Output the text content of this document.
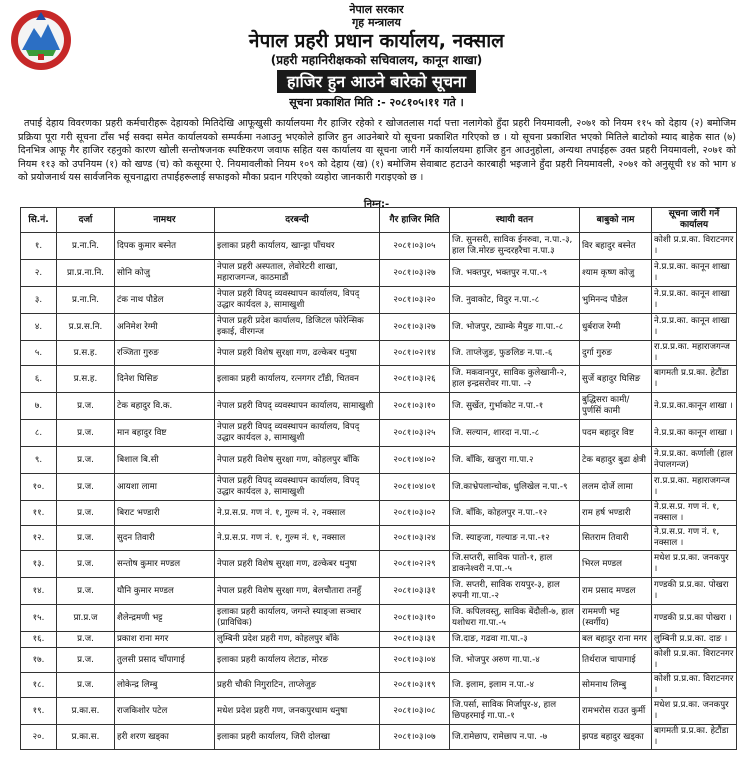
नेपाल सरकार
गृह मन्त्रालय
नेपाल प्रहरी प्रधान कार्यालय, नक्साल
(प्रहरी महानिरीक्षकको सचिवालय, कानून शाखा)
हाजिर हुन आउने बारेको सूचना
सूचना प्रकाशित मिति :- २०८१०५।११ गते ।
तपाई देहाय विवरणका प्रहरी कर्मचारीहरू देहायको मितिदेखि आफूखुसी कार्यालयमा गैर हाजिर रहेको र खोजतलास गर्दा पत्ता नलागेको हुँदा प्रहरी नियमावली, २०७१ को नियम ११५ को देहाय (२) बमोजिम प्रक्रिया पूरा गरी सूचना टाँस भई सक्दा समेत कार्यालयको सम्पर्कमा नआउनु भएकोले हाजिर हुन आउनेबारे यो सूचना प्रकाशित गरिएको छ । यो सूचना प्रकाशित भएको मितिले बाटोको म्याद बाहेक सात (७) दिनभित्र आफू गैर हाजिर रहनुको कारण खोली सन्तोषजनक स्पष्टिकरण जवाफ सहित यस कार्यालय वा सूचना जारी गर्ने कार्यालयमा हाजिर हुन आउनुहोला, अन्यथा तपाईहरू उक्त प्रहरी नियमावली, २०७१ को नियम ११३ को उपनियम (१) को खण्ड (च) को कसूरमा ऐ. नियमावलीको नियम १०९ को देहाय (ख) (१) बमोजिम सेवाबाट हटाउने कारबाही भइजाने हुँदा प्रहरी नियमावली, २०७१ को अनुसूची १४ को भाग ४ को प्रयोजनार्थ यस सार्वजनिक सूचनाद्वारा तपाईहरूलाई सफाइको मौका प्रदान गरिएको व्यहोरा जानकारी गराइएको छ ।
निम्न:-
सि.नं.	दर्जा	नामथर	दरबन्दी	गैर हाजिर मिति	स्थायी वतन	बाबुको नाम	सूचना जारी गर्ने कार्यालय
१.	प्र.ना.नि.	दिपक कुमार बस्नेत	इलाका प्रहरी कार्यालय, खान्ड्रा पाँचथर	२०८१।०३।०५	जि. सुनसरी, साविक ईनरुवा, न.पा.-३, हाल जि.मोरङ सुन्दरहरैचा न.पा.३	विर बहादुर बस्नेत	कोशी प्र.प्र.का. विराटनगर ।
२.	प्रा.प्र.ना.नि.	सोनि कोजु	नेपाल प्रहरी अस्पताल, लेवोरेटरी शाखा, महाराजगन्ज, काठमाडौं	२०८१।०३।२७	जि. भक्तपुर, भक्तपुर न.पा.-९	श्याम कृष्ण कोजु	ने.प्र.प्र.का. कानून शाखा ।
३.	प्र.ना.नि.	टंक नाथ पौडेल	नेपाल प्रहरी विपद् व्यवस्थापन कार्यालय, विपद् उद्धार कार्यदल ३, सामाखुशी	२०८१।०३।२०	जि. नुवाकोट, विदुर न.पा.-८	भुमिनन्द पौडेल	ने.प्र.प्र.का. कानून शाखा ।
४.	प्र.प्र.स.नि.	अनिमेश रेग्मी	नेपाल प्रहरी प्रदेश कार्यालय, डिजिटल फोरेन्सिक इकाई, वीरगन्ज	२०८१।०३।२७	जि. भोजपुर, ट्याम्के मैयुङ गा.पा.-८	धुर्बराज रेग्मी	ने.प्र.प्र.का. कानून शाखा ।
५.	प्र.स.ह.	रञ्जिता गुरुङ	नेपाल प्रहरी विशेष सुरक्षा गण, ढल्केबर धनुषा	२०८१।०२।१४	जि. ताप्लेजुङ, फुङलिङ न.पा.-६	दुर्गा गुरुङ	रा.प्र.प्र.का. महाराजगन्ज ।
६.	प्र.स.ह.	दिनेश घिसिङ	इलाका प्रहरी कार्यालय, रत्नगगर टाँडी, चितवन	२०८१।०३।२६	जि. मकवानपुर, साविक कुलेखानी-२, हाल इन्द्रसरोवर गा.पा. -२	सुर्जे बहादुर घिसिङ	बागमती प्र.प्र.का. हेटौंडा ।
७.	प्र.ज.	टेक बहादुर वि.क.	नेपाल प्रहरी विपद् व्यवस्थापन कार्यालय, सामाखुशी	२०८१।०३।१०	जि. सुर्खेत, गुर्भाकोट न.पा.-१	बुद्धिसरा कामी/ पुर्णसिं कामी	ने.प्र.प्र.का.कानून शाखा ।
८.	प्र.ज.	मान बहादुर विष्ट	नेपाल प्रहरी विपद् व्यवस्थापन कार्यालय, विपद् उद्धार कार्यदल ३, सामाखुशी	२०८१।०३।२५	जि. सल्यान, शारदा न.पा.-८	पदम बहादुर विष्ट	ने.प्र.प्र.का कानून शाखा ।
९.	प्र.ज.	बिशाल बि.सी	नेपाल प्रहरी विशेष सुरक्षा गण, कोहलपुर बाँकि	२०८१।०४।०२	जि. बाँकि, खजुरा गा.पा.२	टेक बहादुर बुढा क्षेत्री	ने.प्र.प्र.का. कर्णाली (हाल नेपालगन्ज)
१०.	प्र.ज.	आयशा लामा	नेपाल प्रहरी विपद् व्यवस्थापन कार्यालय, विपद् उद्धार कार्यदल ३, सामाखुशी	२०८१।०४।०१	जि.काभ्रेपलान्चोक, धुलिखेल न.पा.-९	ललम दोर्जे लामा	रा.प्र.प्र.का. महाराजगन्ज ।
११.	प्र.ज.	बिराट भण्डारी	ने.प्र.स.प्र. गण नं. १, गुल्म नं. २, नक्साल	२०८१।०३।०२	जि. बाँकि, कोहलपुर न.पा.-१२	राम हर्ष भण्डारी	ने.प्र.स.प्र. गण नं. १, नक्साल ।
१२.	प्र.ज.	सुदन तिवारी	ने.प्र.स.प्र. गण नं. १, गुल्म नं. १, नक्साल	२०८१।०३।२४	जि. स्याङ्जा, गल्याङ न.पा.-१२	सितराम तिवारी	ने.प्र.स.प्र. गण नं. १, नक्साल ।
१३.	प्र.ज.	सन्तोष कुमार मण्डल	नेपाल प्रहरी विशेष सुरक्षा गण, ढल्केबर धनुषा	२०८१।०२।२९	जि.सप्तरी, साविक पातो-१, हाल डाकनेश्वरी न.पा.-५	भिरल मण्डल	मधेश प्र.प्र.का. जनकपुर ।
१४.	प्र.ज.	यौनि कुमार मण्डल	नेपाल प्रहरी विशेष सुरक्षा गण, बेलचौतारा तनहुँ	२०८१।०३।३१	जि. सप्तरी, साविक रायपुर-३, हाल रुपनी गा.पा.-२	राम प्रसाद मण्डल	गण्डकी प्र.प्र.का. पोखरा ।
१५.	प्रा.प्र.ज	शैलेन्द्रमणी भट्ट	इलाका प्रहरी कार्यालय, जगन्ते स्याङ्जा सञ्चार (प्राविधिक)	२०८१।०३।१०	जि. कपिलवस्तु, साविक बेंदौली-७, हाल यशोधरा गा.पा.-५	राममणी भट्ट (स्वर्गीय)	गण्डकी प्र.प्र.का पोखरा ।
१६.	प्र.ज.	प्रकाश राना मगर	लुम्बिनी प्रदेश प्रहरी गण, कोहलपुर बाँके	२०८१।०३।३१	जि.दाङ, गढवा गा.पा.-३	बल बहादुर राना मगर	लुम्बिनी प्र.प्र.का. दाङ ।
१७.	प्र.ज.	तुलसी प्रसाद चाँपागाई	इलाका प्रहरी कार्यालय लेटाङ, मोरङ	२०८१।०३।०४	जि. भोजपुर अरुण गा.पा.-४	तिर्थराज चापागाई	कोशी प्र.प्र.का. विराटनगर ।
१८.	प्र.ज.	लोकेन्द्र लिम्बु	प्रहरी चौकी निगुराटिन, ताप्लेजुङ	२०८१।०३।१९	जि. इलाम, इलाम न.पा.-४	सोमनाथ लिम्बु	कोशी प्र.प्र.का. विराटनगर ।
१९.	प्र.का.स.	राजकिशोर पटेल	मधेश प्रदेश प्रहरी गण, जनकपुरधाम धनुषा	२०८१।०३।०८	जि.पर्सा, साविक मिर्जापुर-४, हाल छिपहरमाई गा.पा.-१	रामभरोस राउत कुर्मी	मधेश प्र.प्र.का. जनकपुर ।
२०.	प्र.का.स.	हरी शरण खड्का	इलाका प्रहरी कार्यालय, जिरी दोलखा	२०८१।०३।०७	जि.रामेछाप, रामेछाप न.पा. -७	झपड बहादुर खड्का	बागमती प्र.प्र.का. हेटौंडा ।
